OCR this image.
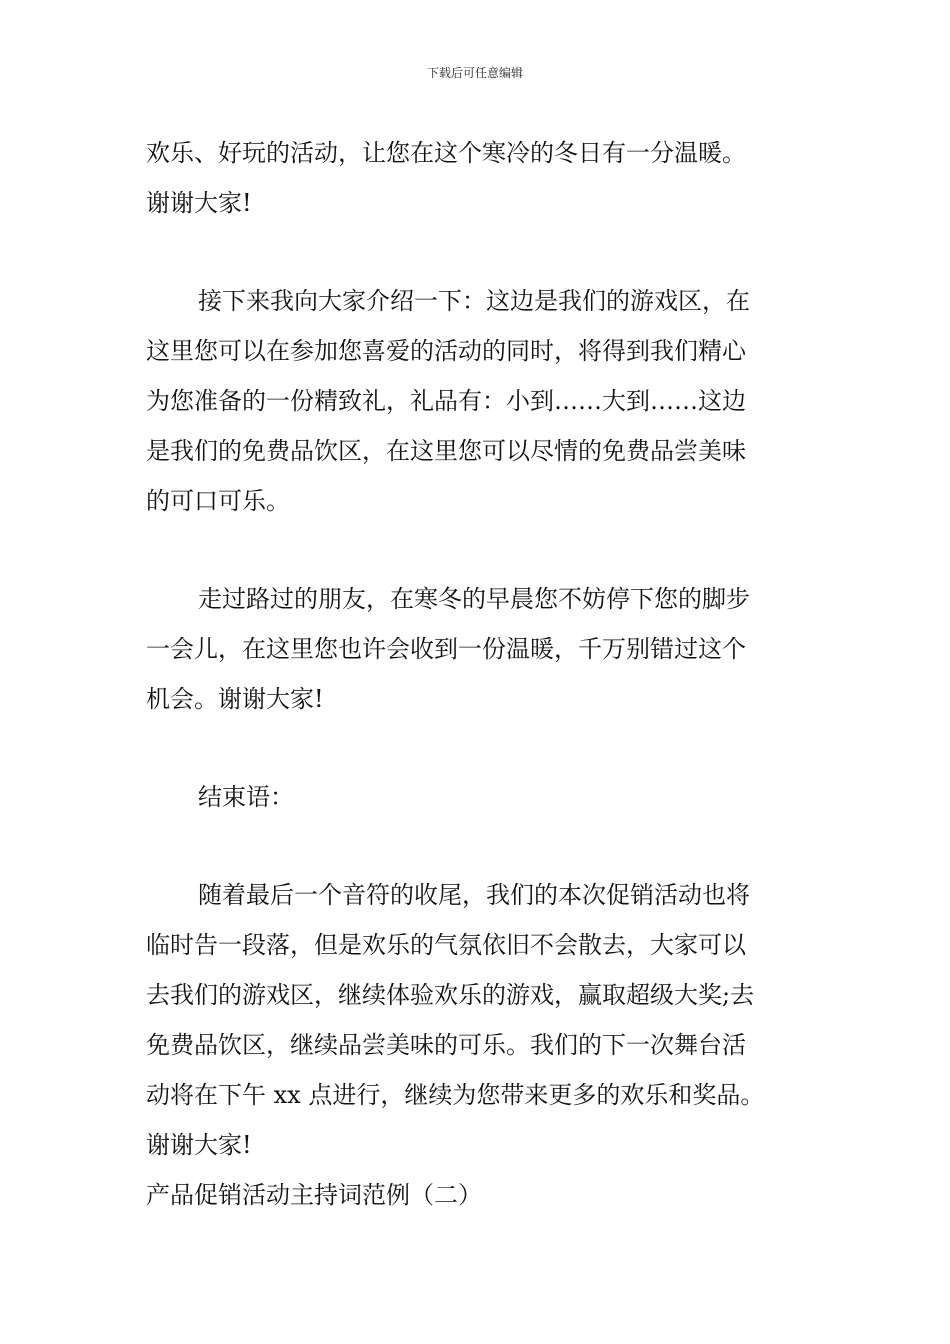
下载后可任意编辑
欢乐、好玩的活动，让您在这个寒冷的冬日有一分温暖。
谢谢大家!
接下来我向大家介绍一下：这边是我们的游戏区，在
这里您可以在参加您喜爱的活动的同时，将得到我们精心
为您准备的一份精致礼，礼品有：小到……大到……这边
是我们的免费品饮区，在这里您可以尽情的免费品尝美味
的可口可乐。
走过路过的朋友，在寒冬的早晨您不妨停下您的脚步
一会儿，在这里您也许会收到一份温暖，千万别错过这个
机会。谢谢大家!
结束语：
随着最后一个音符的收尾，我们的本次促销活动也将
临时告一段落，但是欢乐的气氛依旧不会散去，大家可以
去我们的游戏区，继续体验欢乐的游戏，赢取超级大奖;去
免费品饮区，继续品尝美味的可乐。我们的下一次舞台活
动将在下午 xx 点进行，继续为您带来更多的欢乐和奖品。
谢谢大家!
产品促销活动主持词范例（二）
